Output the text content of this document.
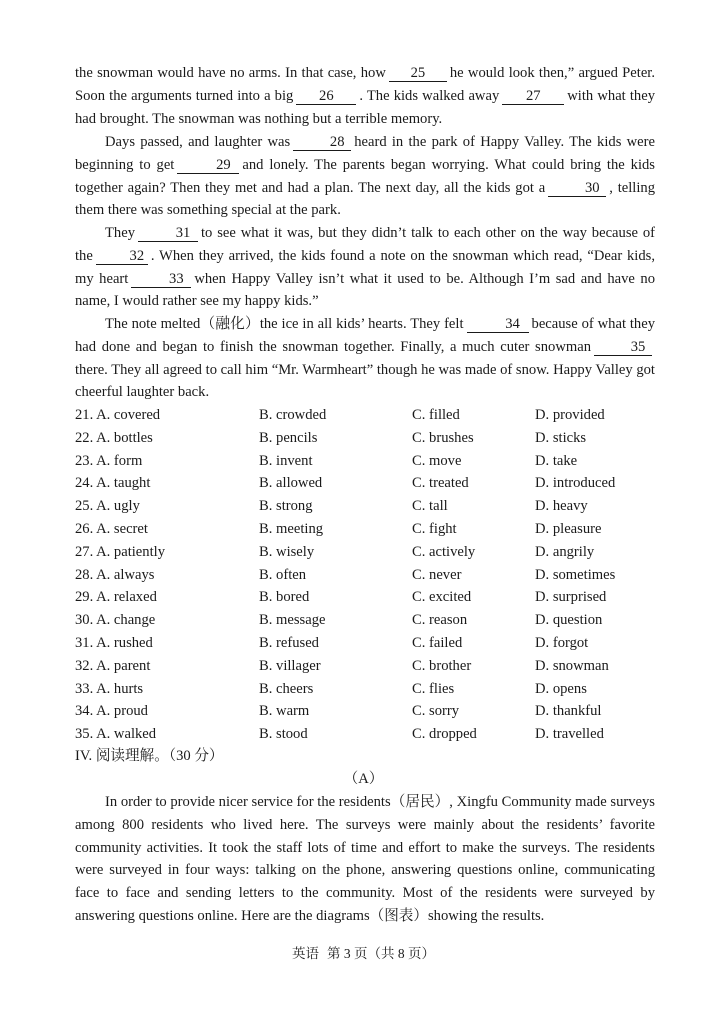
the snowman would have no arms. In that case, how 25 he would look then,” argued Peter. Soon the arguments turned into a big 26 . The kids walked away 27 with what they had brought. The snowman was nothing but a terrible memory.

Days passed, and laughter was	28 heard in the park of Happy Valley. The kids were beginning to get	29 and lonely. The parents began worrying. What could bring the kids together again? Then they met and had a plan. The next day, all the kids got a	30 , telling them there was something special at the park.

They	31 to see what it was, but they didn’t talk to each other on the way because of the	32 . When they arrived, the kids found a note on the snowman which read, “Dear kids, my heart	33 when Happy Valley isn’t what it used to be. Although I’m sad and have no name, I would rather see my happy kids.”

The note melted（融化）the ice in all kids’ hearts. They felt	34 because of what they had done and began to finish the snowman together. Finally, a much cuter snowman	35there. They all agreed to call him “Mr. Warmheart” though he was made of snow. Happy Valley got cheerful laughter back.

21. A. covered	B. crowded	C. filled	D. provided
22. A. bottles	B. pencils	C. brushes	D. sticks
23. A. form	B. invent	C. move	D. take
24. A. taught	B. allowed	C. treated	D. introduced
25. A. ugly	B. strong	C. tall	D. heavy
26. A. secret	B. meeting	C. fight	D. pleasure
27. A. patiently	B. wisely	C. actively	D. angrily
28. A. always	B. often	C. never	D. sometimes
29. A. relaxed	B. bored	C. excited	D. surprised
30. A. change	B. message	C. reason	D. question
31. A. rushed	B. refused	C. failed	D. forgot
32. A. parent	B. villager	C. brother	D. snowman
33. A. hurts	B. cheers	C. flies	D. opens
34. A. proud	B. warm	C. sorry	D. thankful
35. A. walked	B. stood	C. dropped	D. travelled
IV. 阅读理解。（30 分）
（A）

In order to provide nicer service for the residents（居民）, Xingfu Community made surveys among 800 residents who lived here. The surveys were mainly about the residents’ favorite community activities. It took the staff lots of time and effort to make the surveys. The residents were surveyed in four ways: talking on the phone, answering questions online, communicating face to face and sending letters to the community. Most of the residents were surveyed by answering questions online. Here are the diagrams（图表）showing the results.

英语 第 3 页（共 8 页）
